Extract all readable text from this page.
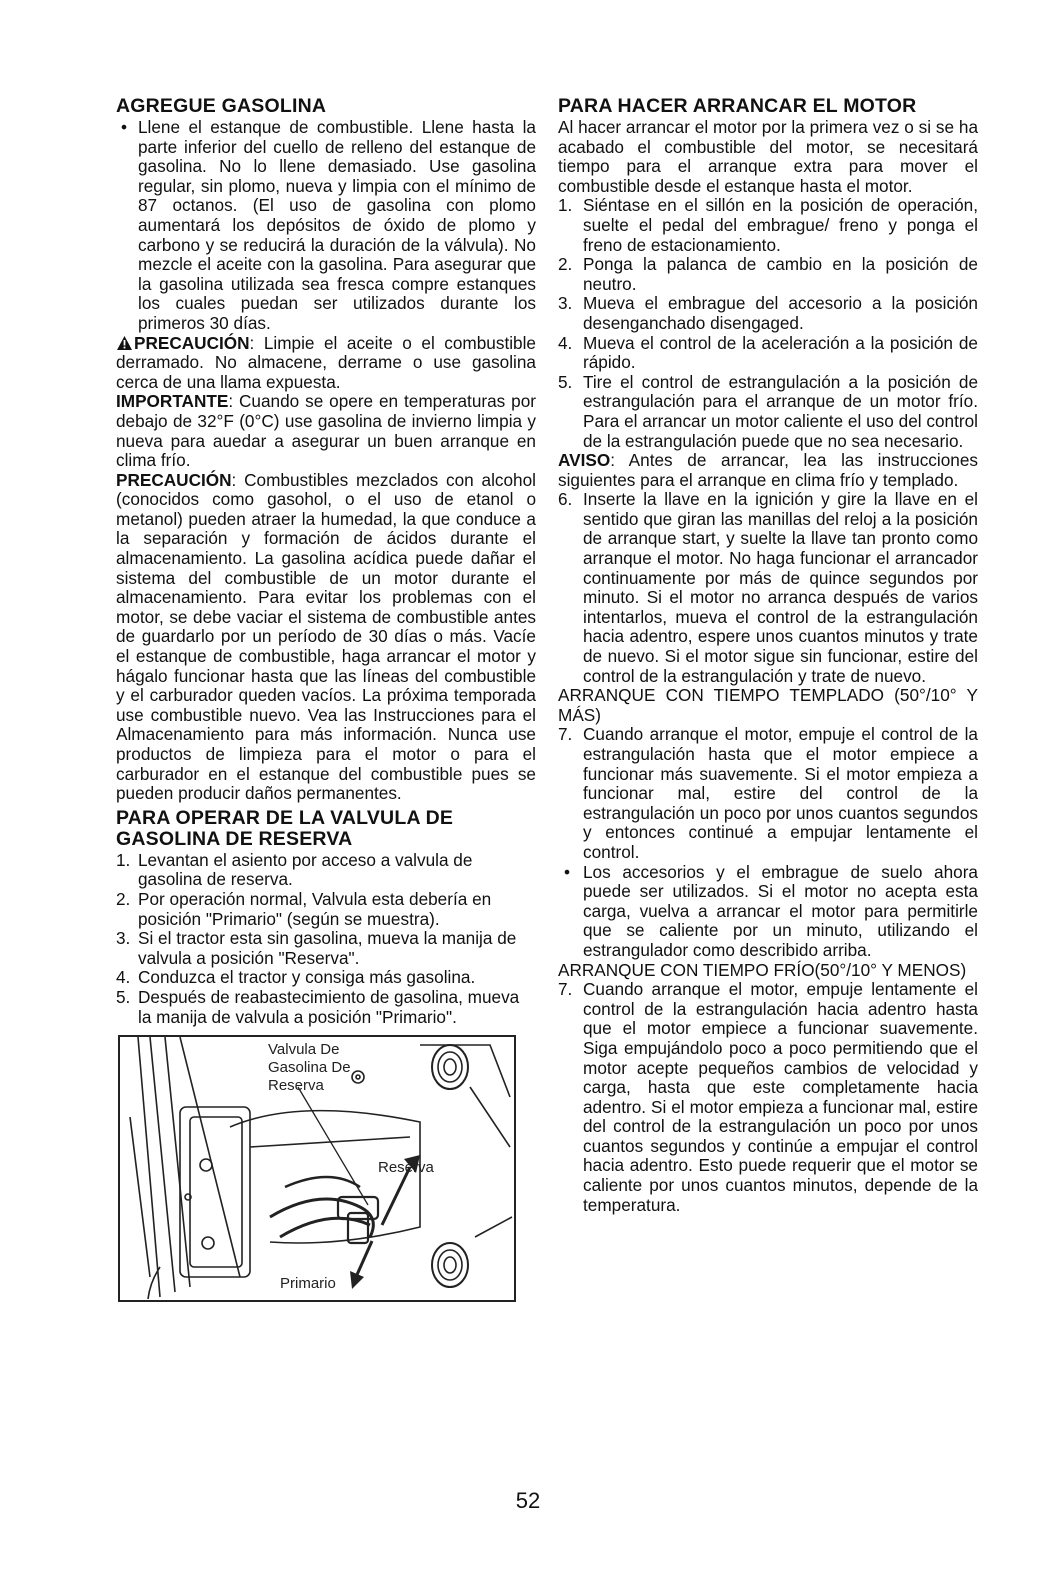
AGREGUE GASOLINA

• Llene el estanque de combustible. Llene hasta la parte inferior del cuello de relleno del estanque de gasolina. No lo llene demasiado. Use gasolina regular, sin plomo, nueva y limpia con el mínimo de 87 octanos. (El uso de gasolina con plomo aumentará los depósitos de óxido de plomo y carbono y se reducirá la duración de la válvula). No mezcle el aceite con la gasolina. Para asegurar que la gasolina utilizada sea fresca compre estanques los cuales puedan ser utilizados durante los primeros 30 días.

PRECAUCIÓN: Limpie el aceite o el combustible derramado. No almacene, derrame o use gasolina cerca de una llama expuesta.

IMPORTANTE: Cuando se opere en temperaturas por debajo de 32°F (0°C) use gasolina de invierno limpia y nueva para auedar a asegurar un buen arranque en clima frío.

PRECAUCIÓN: Combustibles mezclados con alcohol (conocidos como gasohol, o el uso de etanol o metanol) pueden atraer la humedad, la que conduce a la separación y formación de ácidos durante el almacenamiento. La gasolina acídica puede dañar el sistema del combustible de un motor durante el almacenamiento. Para evitar los problemas con el motor, se debe vaciar el sistema de combustible antes de guardarlo por un período de 30 días o más. Vacíe el estanque de combustible, haga arrancar el motor y hágalo funcionar hasta que las líneas del combustible y el carburador queden vacíos. La próxima temporada use combustible nuevo. Vea las Instrucciones para el Almacenamiento para más información. Nunca use productos de limpieza para el motor o para el carburador en el estanque del combustible pues se pueden producir daños permanentes.

PARA OPERAR DE LA VALVULA DE GASOLINA DE RESERVA
1. Levantan el asiento por acceso a valvula de gasolina de reserva.
2. Por operación normal, Valvula esta debería en posición "Primario" (según se muestra).
3. Si el tractor esta sin gasolina, mueva la manija de valvula a posición "Reserva".
4. Conduzca el tractor y consiga más gasolina.
5. Después de reabastecimiento de gasolina, mueva la manija de valvula a posición "Primario".
Valvula De
Gasolina De
Reserva
Reserva
Primario
PARA HACER ARRANCAR EL MOTOR

Al hacer arrancar el motor por la primera vez o si se ha acabado el combustible del motor, se necesitará tiempo para el arranque extra para mover el combustible desde el estanque hasta el motor.

1. Siéntase en el sillón en la posición de operación, suelte el pedal del embrague/ freno y ponga el freno de estacionamiento.
2. Ponga la palanca de cambio en la posición de neutro.
3. Mueva el embrague del accesorio a la posición desenganchado disengaged.
4. Mueva el control de la aceleración a la posición de rápido.
5. Tire el control de estrangulación a la posición de estrangulación para el arranque de un motor frío. Para el arrancar un motor caliente el uso del control de la estrangulación puede que no sea necesario.

AVISO: Antes de arrancar, lea las instrucciones siguientes para el arranque en clima frío y templado.

6. Inserte la llave en la ignición y gire la llave en el sentido que giran las manillas del reloj a la posición de arranque start, y suelte la llave tan pronto como arranque el motor. No haga funcionar el arrancador continuamente por más de quince segundos por minuto. Si el motor no arranca después de varios intentarlos, mueva el control de la estrangulación hacia adentro, espere unos cuantos minutos y trate de nuevo. Si el motor sigue sin funcionar, estire del control de la estrangulación y trate de nuevo.

ARRANQUE CON TIEMPO TEMPLADO (50°/10° Y MÁS)

7. Cuando arranque el motor, empuje el control de la estrangulación hasta que el motor empiece a funcionar más suavemente. Si el motor empieza a funcionar mal, estire del control de la estrangulación un poco por unos cuantos segundos y entonces continué a empujar lentamente el control.
• Los accesorios y el embrague de suelo ahora puede ser utilizados. Si el motor no acepta esta carga, vuelva a arrancar el motor para permitirle que se caliente por un minuto, utilizando el estrangulador como describido arriba.

ARRANQUE CON TIEMPO FRÍO(50°/10° Y MENOS)

7. Cuando arranque el motor, empuje lentamente el control de la estrangulación hacia adentro hasta que el motor empiece a funcionar suavemente. Siga empujándolo poco a poco permitiendo que el motor acepte pequeños cambios de velocidad y carga, hasta que este completamente hacia adentro. Si el motor empieza a funcionar mal, estire del control de la estrangulación un poco por unos cuantos segundos y continúe a empujar el control hacia adentro. Esto puede requerir que el motor se caliente por unos cuantos minutos, depende de la temperatura.
52
